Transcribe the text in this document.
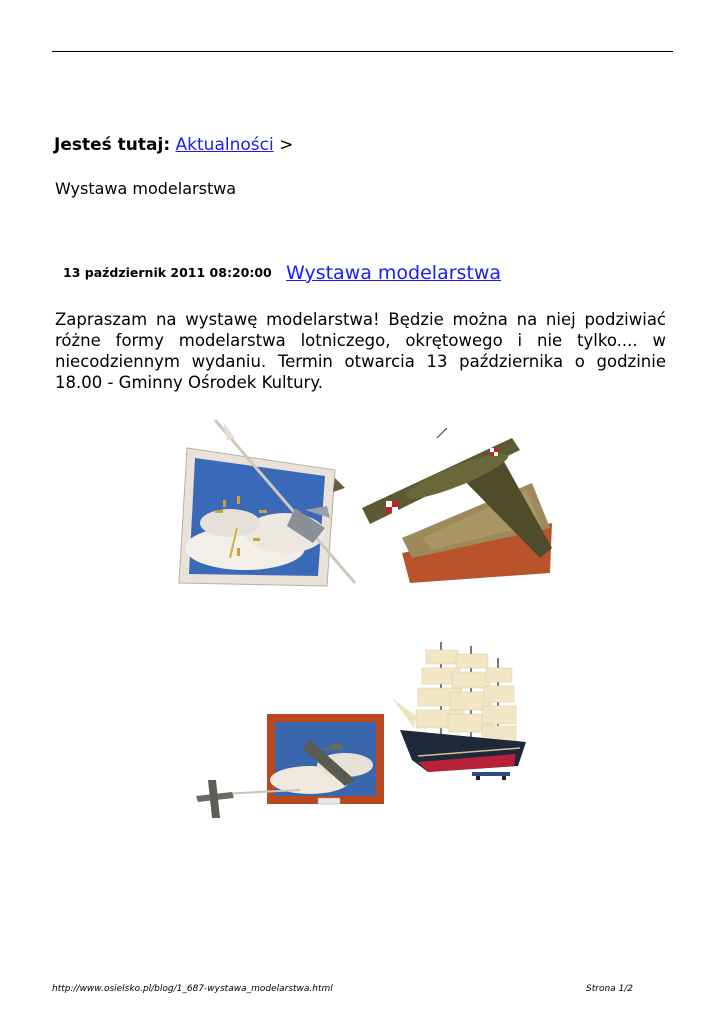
Jesteś tutaj: Aktualności >
Wystawa modelarstwa
13 październik 2011 08:20:00 Wystawa modelarstwa
Zapraszam na wystawę modelarstwa! Będzie można na niej podziwiać różne formy modelarstwa lotniczego, okrętowego i nie tylko.... w niecodziennym wydaniu. Termin otwarcia 13 października o godzinie 18.00 - Gminny Ośrodek Kultury.
http://www.osielsko.pl/blog/1_687-wystawa_modelarstwa.html	Strona 1/2
